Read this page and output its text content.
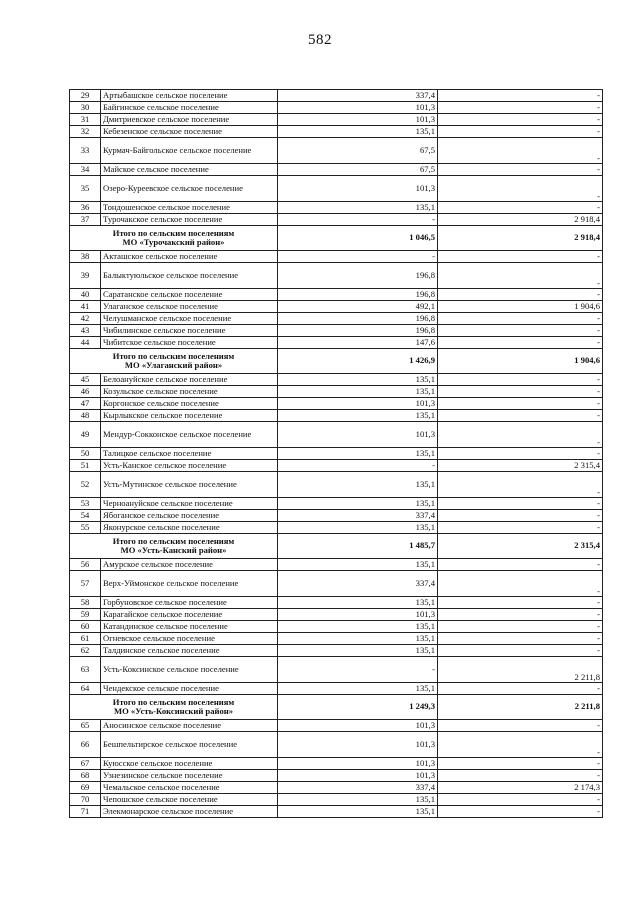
582
29	Артыбашское сельское поселение	337,4	-
30	Байгинское сельское поселение	101,3	-
31	Дмитриевское сельское поселение	101,3	-
32	Кебезенское сельское поселение	135,1	-
33	Курмач-Байгольское сельское поселение	67,5	-
34	Майское сельское поселение	67,5	-
35	Озеро-Куреевское сельское поселение	101,3	-
36	Тондошенское сельское поселение	135,1	-
37	Турочакское сельское поселение	-	2 918,4

Итого по сельским поселениям
МО «Турочакский район»		1 046,5	2 918,4
38	Акташское сельское поселение	-	-
39	Балыктуюльское сельское поселение	196,8	-
40	Саратанское сельское поселение	196,8	-
41	Улаганское сельское поселение	492,1	1 904,6
42	Челушманское сельское поселение	196,8	-
43	Чибилинское сельское поселение	196,8	-
44	Чибитское сельское поселение	147,6	-

Итого по сельским поселениям
МО «Улаганский район»		1 426,9	1 904,6
45	Белоануйское сельское поселение	135,1	-
46	Козульское сельское поселение	135,1	-
47	Коргонское сельское поселение	101,3	-
48	Кырлыкское сельское поселение	135,1	-
49	Мендур-Сокконское сельское поселение	101,3	-
50	Талицкое сельское поселение	135,1	-
51	Усть-Канское сельское поселение	-	2 315,4
52	Усть-Мутинское сельское поселение	135,1	-
53	Черноануйское сельское поселение	135,1	-
54	Ябоганское сельское поселение	337,4	-
55	Яконурское сельское поселение	135,1	-

Итого по сельским поселениям
МО «Усть-Канский район»		1 485,7	2 315,4
56	Амурское сельское поселение	135,1	-
57	Верх-Уймонское сельское поселение	337,4	-
58	Горбуновское сельское поселение	135,1	-
59	Карагайское сельское поселение	101,3	-
60	Катандинское сельское поселение	135,1	-
61	Огневское сельское поселение	135,1	-
62	Талдинское сельское поселение	135,1	-
63	Усть-Коксинское сельское поселение	-	2 211,8
64	Чендекское сельское поселение	135,1	-

Итого по сельским поселениям
МО «Усть-Коксинский район»		1 249,3	2 211,8
65	Аносинское сельское поселение	101,3	-
66	Бешпельтирское сельское поселение	101,3	-
67	Куюсское сельское поселение	101,3	-
68	Узнезинское сельское поселение	101,3	-
69	Чемальское сельское поселение	337,4	2 174,3
70	Чепошское сельское поселение	135,1	-
71	Элекмонарское сельское поселение	135,1	-
